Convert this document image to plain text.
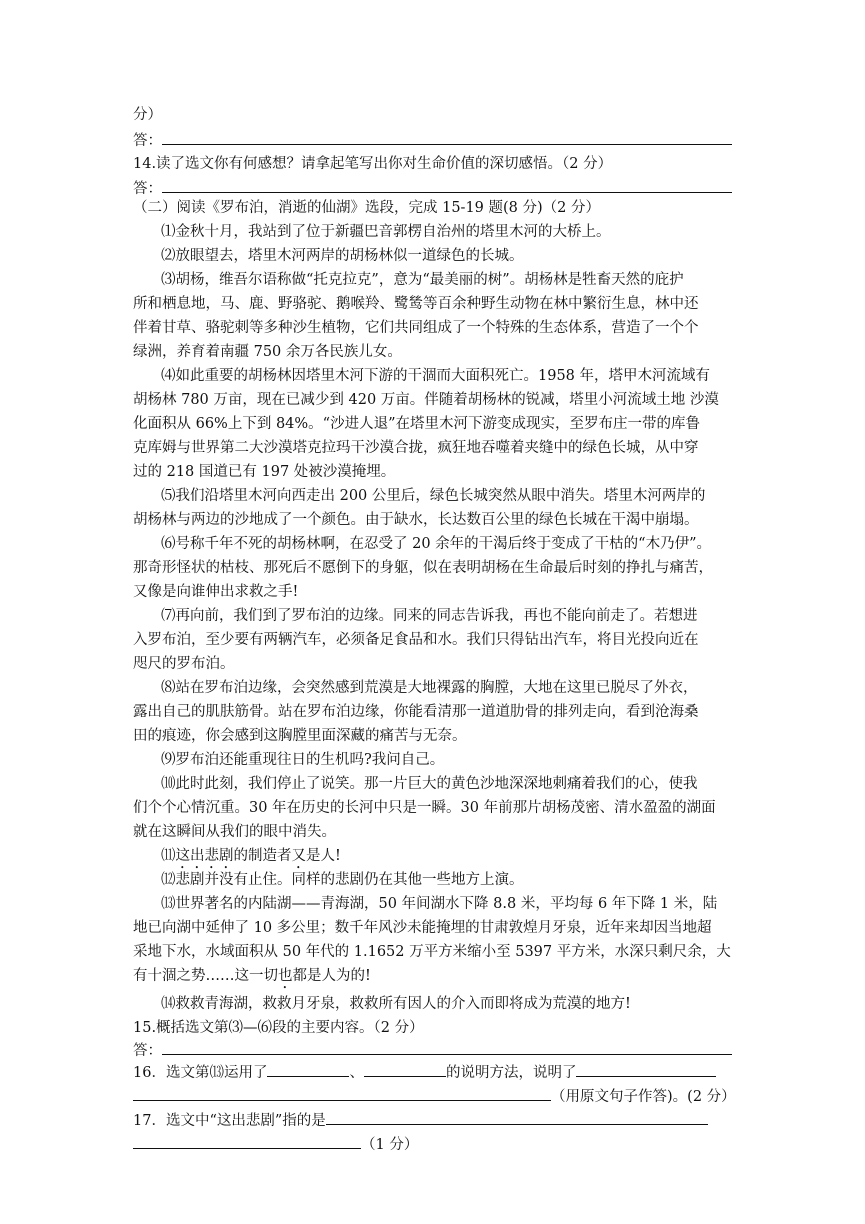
分）
答：
14.读了选文你有何感想？请拿起笔写出你对生命价值的深切感悟。（2 分）
答：
（二）阅读《罗布泊，消逝的仙湖》选段，完成 15-19 题(8 分)（2 分）
⑴金秋十月，我站到了位于新疆巴音郭楞自治州的塔里木河的大桥上。
⑵放眼望去，塔里木河两岸的胡杨林似一道绿色的长城。
⑶胡杨，维吾尔语称做“托克拉克”，意为“最美丽的树”。胡杨林是牲畜天然的庇护
所和栖息地，马、鹿、野骆驼、鹅喉羚、鹭鸶等百余种野生动物在林中繁衍生息，林中还
伴着甘草、骆驼刺等多种沙生植物，它们共同组成了一个特殊的生态体系，营造了一个个
绿洲，养育着南疆 750 余万各民族儿女。
⑷如此重要的胡杨林因塔里木河下游的干涸而大面积死亡。1958 年，塔甲木河流域有
胡杨林 780 万亩，现在已减少到 420 万亩。伴随着胡杨林的锐减，塔里小河流域土地 沙漠
化面积从 66%上下到 84%。“沙进人退”在塔里木河下游变成现实，至罗布庄一带的库鲁
克库姆与世界第二大沙漠塔克拉玛干沙漠合拢，疯狂地吞噬着夹缝中的绿色长城，从中穿
过的 218 国道已有 197 处被沙漠掩埋。
⑸我们沿塔里木河向西走出 200 公里后，绿色长城突然从眼中消失。塔里木河两岸的
胡杨林与两边的沙地成了一个颜色。由于缺水，长达数百公里的绿色长城在干渴中崩塌。
⑹号称千年不死的胡杨林啊，在忍受了 20 余年的干渴后终于变成了干枯的“木乃伊”。
那奇形怪状的枯枝、那死后不愿倒下的身躯，似在表明胡杨在生命最后时刻的挣扎与痛苦，
又像是向谁伸出求救之手!
⑺再向前，我们到了罗布泊的边缘。同来的同志告诉我，再也不能向前走了。若想进
入罗布泊，至少要有两辆汽车，必须备足食品和水。我们只得钻出汽车，将目光投向近在
咫尺的罗布泊。
⑻站在罗布泊边缘，会突然感到荒漠是大地裸露的胸膛，大地在这里已脱尽了外衣，
露出自己的肌肤筋骨。站在罗布泊边缘，你能看清那一道道肋骨的排列走向，看到沧海桑
田的痕迹，你会感到这胸膛里面深藏的痛苦与无奈。
⑼罗布泊还能重现往日的生机吗?我问自己。
⑽此时此刻，我们停止了说笑。那一片巨大的黄色沙地深深地刺痛着我们的心，使我
们个个心情沉重。30 年在历史的长河中只是一瞬。30 年前那片胡杨茂密、清水盈盈的湖面
就在这瞬间从我们的眼中消失。
⑾这出悲剧的制造者又是人!
⑿悲剧并没有止住。同样的悲剧仍在其他一些地方上演。
⒀世界著名的内陆湖——青海湖，50 年间湖水下降 8.8 米，平均每 6 年下降 1 米，陆
地已向湖中延伸了 10 多公里；数千年风沙未能掩埋的甘肃敦煌月牙泉，近年来却因当地超
采地下水，水域面积从 50 年代的 1.1652 万平方米缩小至 5397 平方米，水深只剩尺余，大
有十涸之势……这一切也都是人为的!
⒁救救青海湖，救救月牙泉，救救所有因人的介入而即将成为荒漠的地方!
15.概括选文第⑶—⑹段的主要内容。（2 分）
答：
16．选文第⒀运用了	、	的说明方法，说明了
（用原文句子作答)。(2 分）
17．选文中“这出悲剧”指的是
（1 分）
